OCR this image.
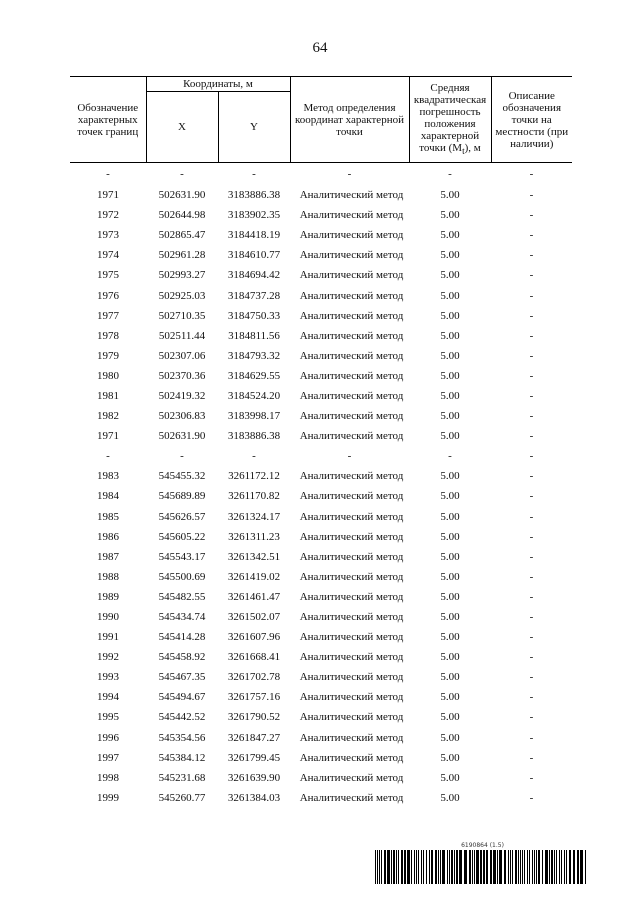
64
Обозначение характерных точек границ	Координаты, м		Метод определения координат характерной точки	Средняя квадратическая погрешность положения характерной точки $(M_t)$, м	Описание обозначения точки на местности (при наличии)
	X	Y			
-	-	-	-	-	-
1971	502631.90	3183886.38	Аналитический метод	5.00	-
1972	502644.98	3183902.35	Аналитический метод	5.00	-
1973	502865.47	3184418.19	Аналитический метод	5.00	-
1974	502961.28	3184610.77	Аналитический метод	5.00	-
1975	502993.27	3184694.42	Аналитический метод	5.00	-
1976	502925.03	3184737.28	Аналитический метод	5.00	-
1977	502710.35	3184750.33	Аналитический метод	5.00	-
1978	502511.44	3184811.56	Аналитический метод	5.00	-
1979	502307.06	3184793.32	Аналитический метод	5.00	-
1980	502370.36	3184629.55	Аналитический метод	5.00	-
1981	502419.32	3184524.20	Аналитический метод	5.00	-
1982	502306.83	3183998.17	Аналитический метод	5.00	-
1971	502631.90	3183886.38	Аналитический метод	5.00	-
-	-	-	-	-	-
1983	545455.32	3261172.12	Аналитический метод	5.00	-
1984	545689.89	3261170.82	Аналитический метод	5.00	-
1985	545626.57	3261324.17	Аналитический метод	5.00	-
1986	545605.22	3261311.23	Аналитический метод	5.00	-
1987	545543.17	3261342.51	Аналитический метод	5.00	-
1988	545500.69	3261419.02	Аналитический метод	5.00	-
1989	545482.55	3261461.47	Аналитический метод	5.00	-
1990	545434.74	3261502.07	Аналитический метод	5.00	-
1991	545414.28	3261607.96	Аналитический метод	5.00	-
1992	545458.92	3261668.41	Аналитический метод	5.00	-
1993	545467.35	3261702.78	Аналитический метод	5.00	-
1994	545494.67	3261757.16	Аналитический метод	5.00	-
1995	545442.52	3261790.52	Аналитический метод	5.00	-
1996	545354.56	3261847.27	Аналитический метод	5.00	-
1997	545384.12	3261799.45	Аналитический метод	5.00	-
1998	545231.68	3261639.90	Аналитический метод	5.00	-
1999	545260.77	3261384.03	Аналитический метод	5.00	-
6190864 (1.5)
